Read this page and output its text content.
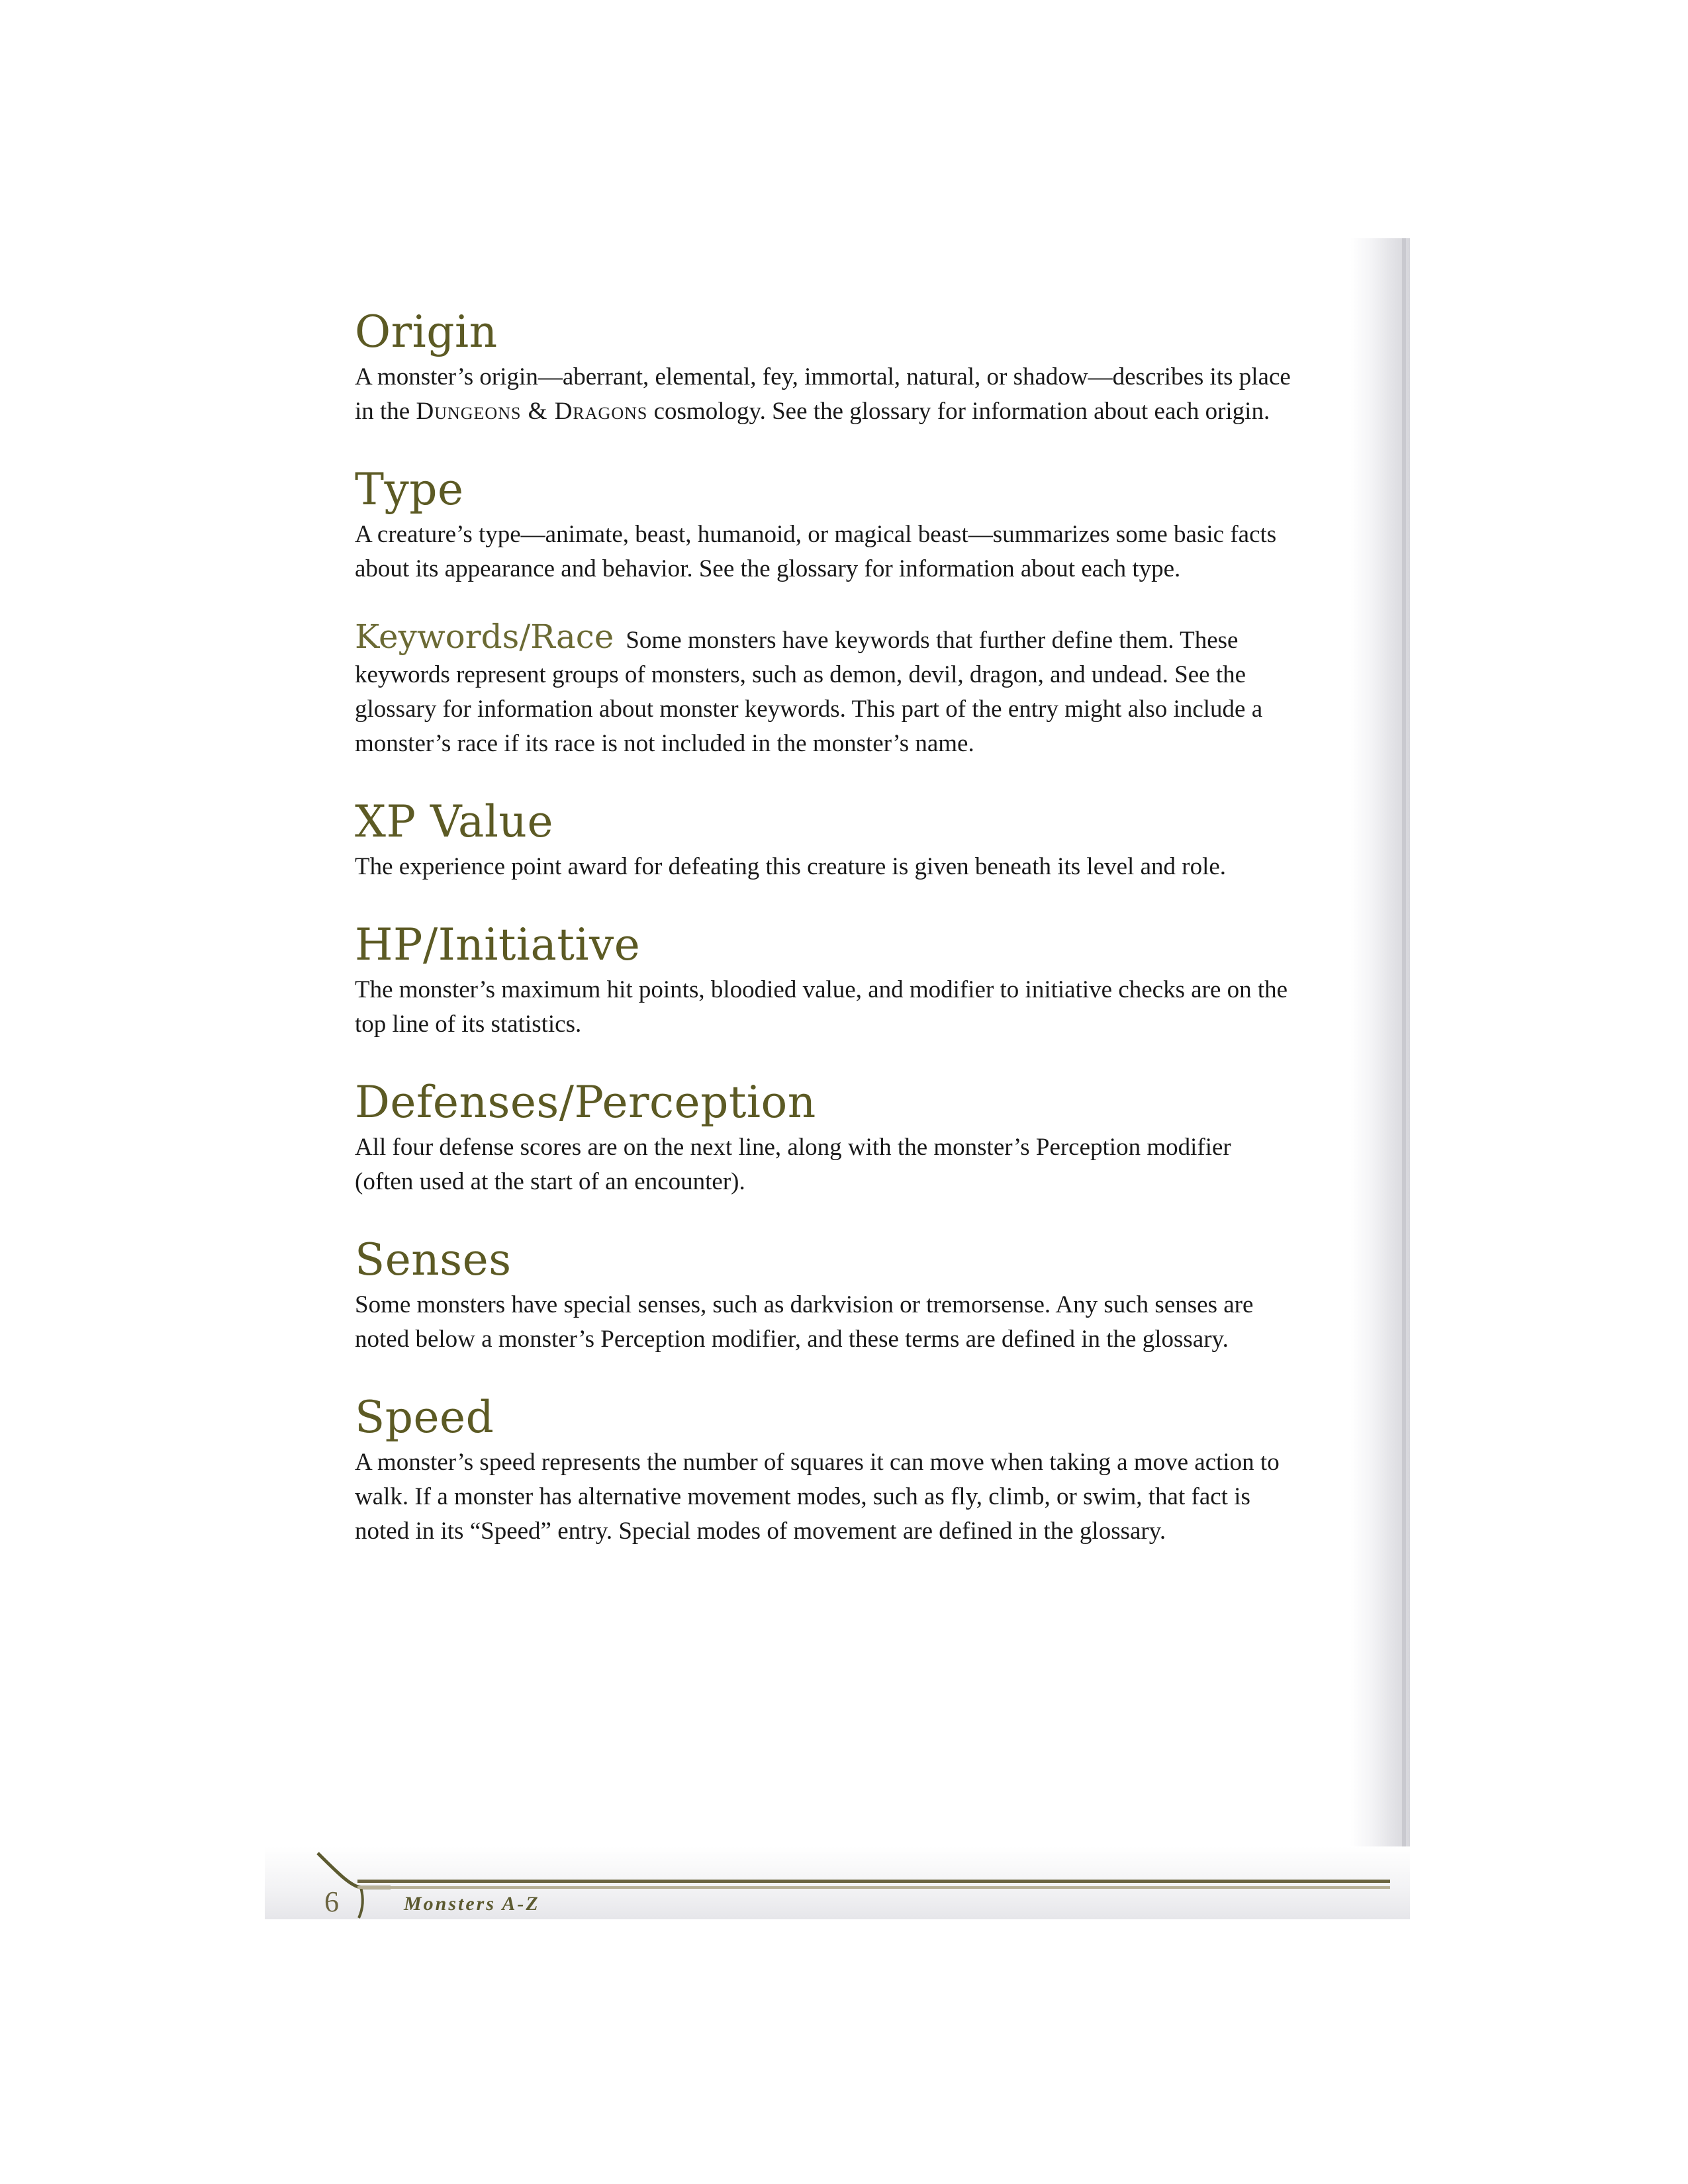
Origin

A monster’s origin—aberrant, elemental, fey, immortal, natural, or shadow—describes its place in the Dungeons & Dragons cosmology. See the glossary for information about each origin.

Type

A creature’s type—animate, beast, humanoid, or magical beast—summarizes some basic facts about its appearance and behavior. See the glossary for information about each type.

Keywords/Race Some monsters have keywords that further define them. These keywords represent groups of monsters, such as demon, devil, dragon, and undead. See the glossary for information about monster keywords. This part of the entry might also include a monster’s race if its race is not included in the monster’s name.

XP Value

The experience point award for defeating this creature is given beneath its level and role.

HP/Initiative

The monster’s maximum hit points, bloodied value, and modifier to initiative checks are on the top line of its statistics.

Defenses/Perception

All four defense scores are on the next line, along with the monster’s Perception modifier (often used at the start of an encounter).

Senses

Some monsters have special senses, such as darkvision or tremorsense. Any such senses are noted below a monster’s Perception modifier, and these terms are defined in the glossary.

Speed

A monster’s speed represents the number of squares it can move when taking a move action to walk. If a monster has alternative movement modes, such as fly, climb, or swim, that fact is noted in its “Speed” entry. Special modes of movement are defined in the glossary.

6	Monsters A-Z
